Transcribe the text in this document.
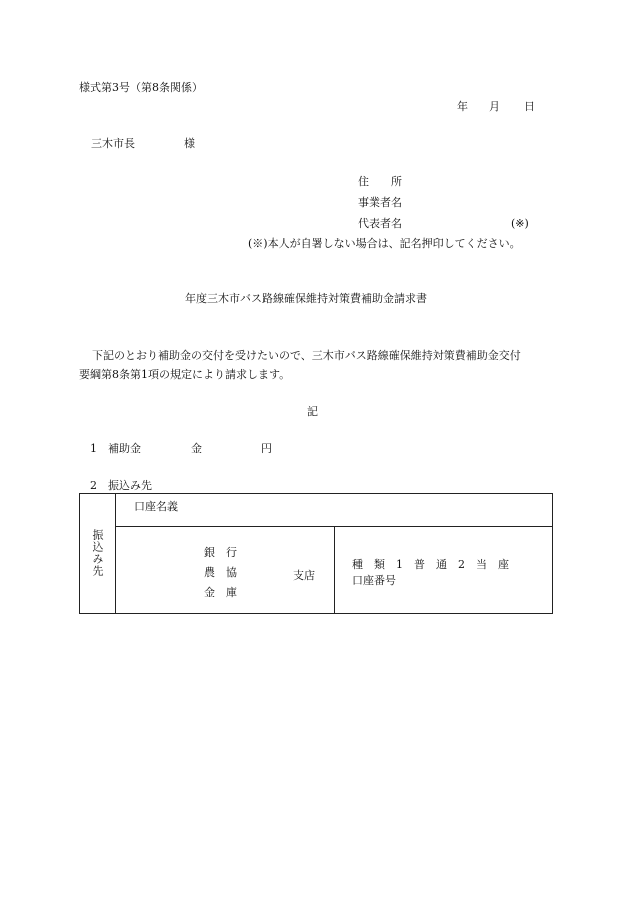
様式第3号（第8条関係）
年 月 日
三木市長	様
住　　所
事業者名
代表者名	(※)
(※)本人が自署しない場合は、記名押印してください。
年度三木市バス路線確保維持対策費補助金請求書
下記のとおり補助金の交付を受けたいので、三木市バス路線確保維持対策費補助金交付
要綱第8条第1項の規定により請求します。
記
1 補助金	金	円
2 振込み先
振込み先	口座名義	

	銀　行
農　協
金　庫
支店	種　類　1　普　通　2　当　座
口座番号
